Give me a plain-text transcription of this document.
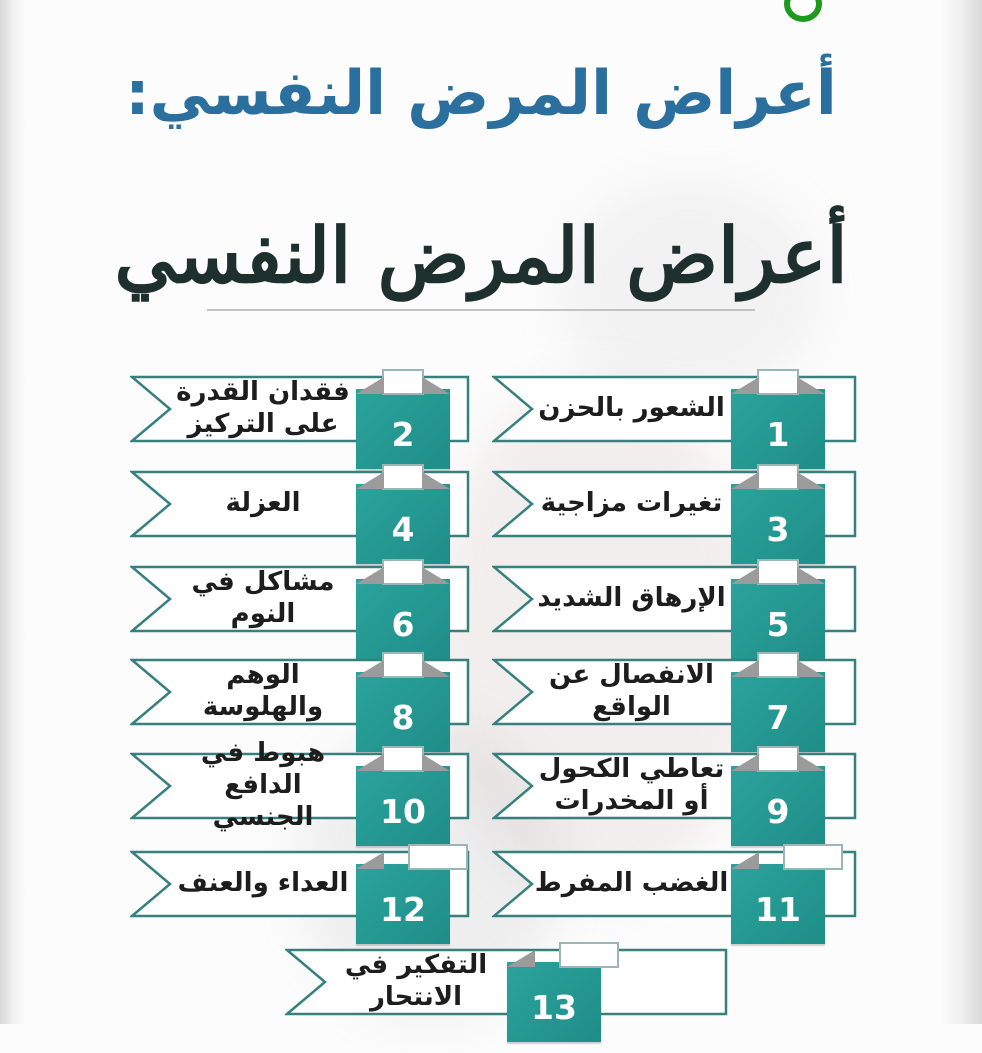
أعراض المرض النفسي:
أعراض المرض النفسي
الشعور بالحزن
1
فقدان القدرة على التركيز	2
تغيرات مزاجية
3
العزلة
4
الإرهاق الشديد
5
مشاكل في النوم	6
الانفصال عن الواقع	7
الوهم والهلوسة	8
تعاطي الكحول أو المخدرات	9
هبوط في الدافع الجنسي	10
الغضب المفرط
11
العداء والعنف
12
التفكير في الانتحار	13
